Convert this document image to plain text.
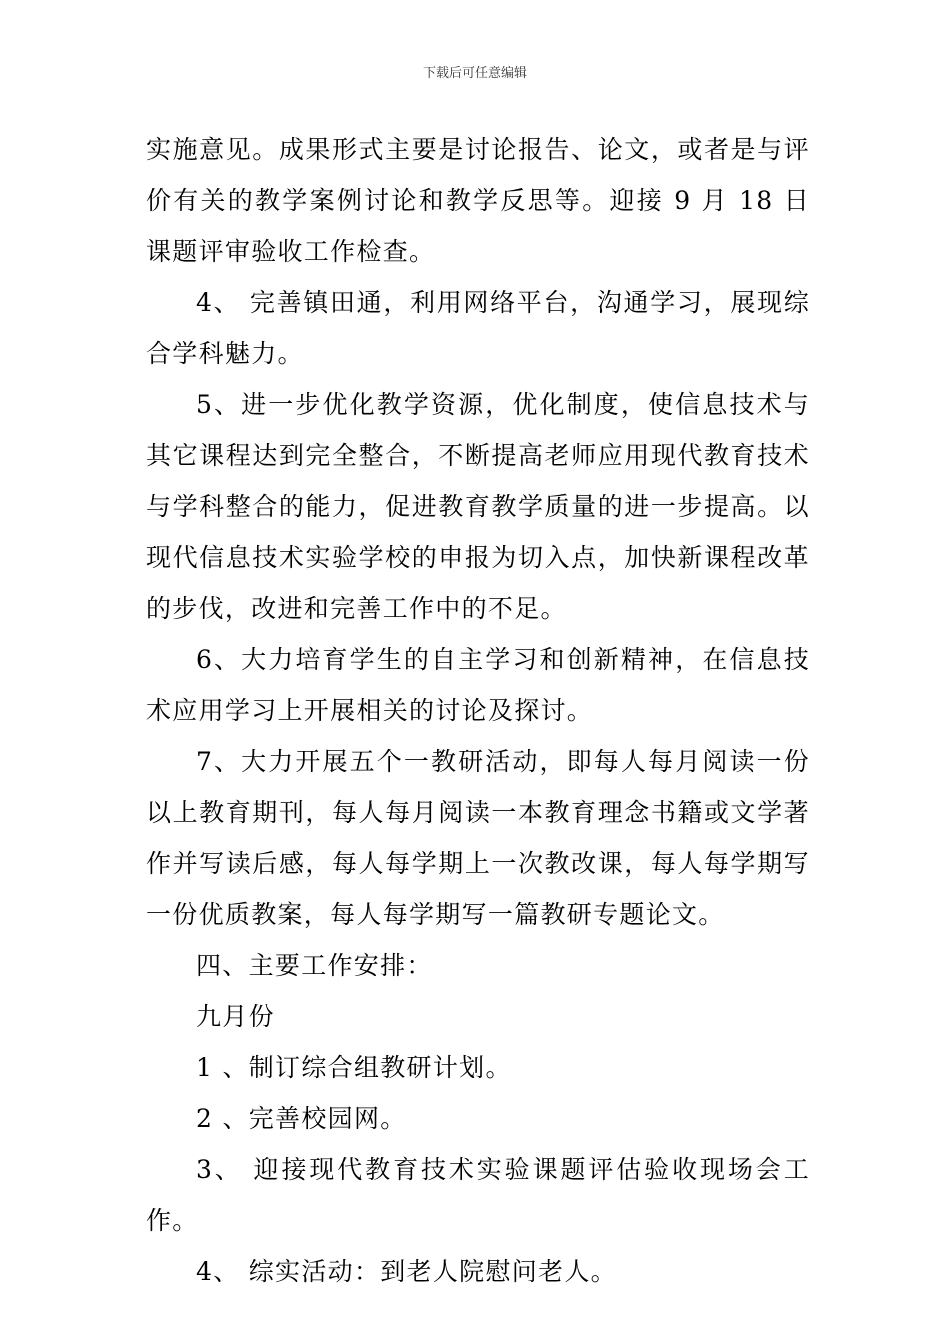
下载后可任意编辑

实施意见。成果形式主要是讨论报告、论文，或者是与评价有关的教学案例讨论和教学反思等。迎接 9 月 18 日课题评审验收工作检查。

4、 完善镇田通，利用网络平台，沟通学习，展现综合学科魅力。

5、进一步优化教学资源，优化制度，使信息技术与其它课程达到完全整合，不断提高老师应用现代教育技术与学科整合的能力，促进教育教学质量的进一步提高。以现代信息技术实验学校的申报为切入点，加快新课程改革的步伐，改进和完善工作中的不足。

6、大力培育学生的自主学习和创新精神，在信息技术应用学习上开展相关的讨论及探讨。

7、大力开展五个一教研活动，即每人每月阅读一份以上教育期刊，每人每月阅读一本教育理念书籍或文学著作并写读后感，每人每学期上一次教改课，每人每学期写一份优质教案，每人每学期写一篇教研专题论文。

四、主要工作安排：

九月份

1 、制订综合组教研计划。

2 、完善校园网。

3、 迎接现代教育技术实验课题评估验收现场会工作。

4、 综实活动：到老人院慰问老人。
